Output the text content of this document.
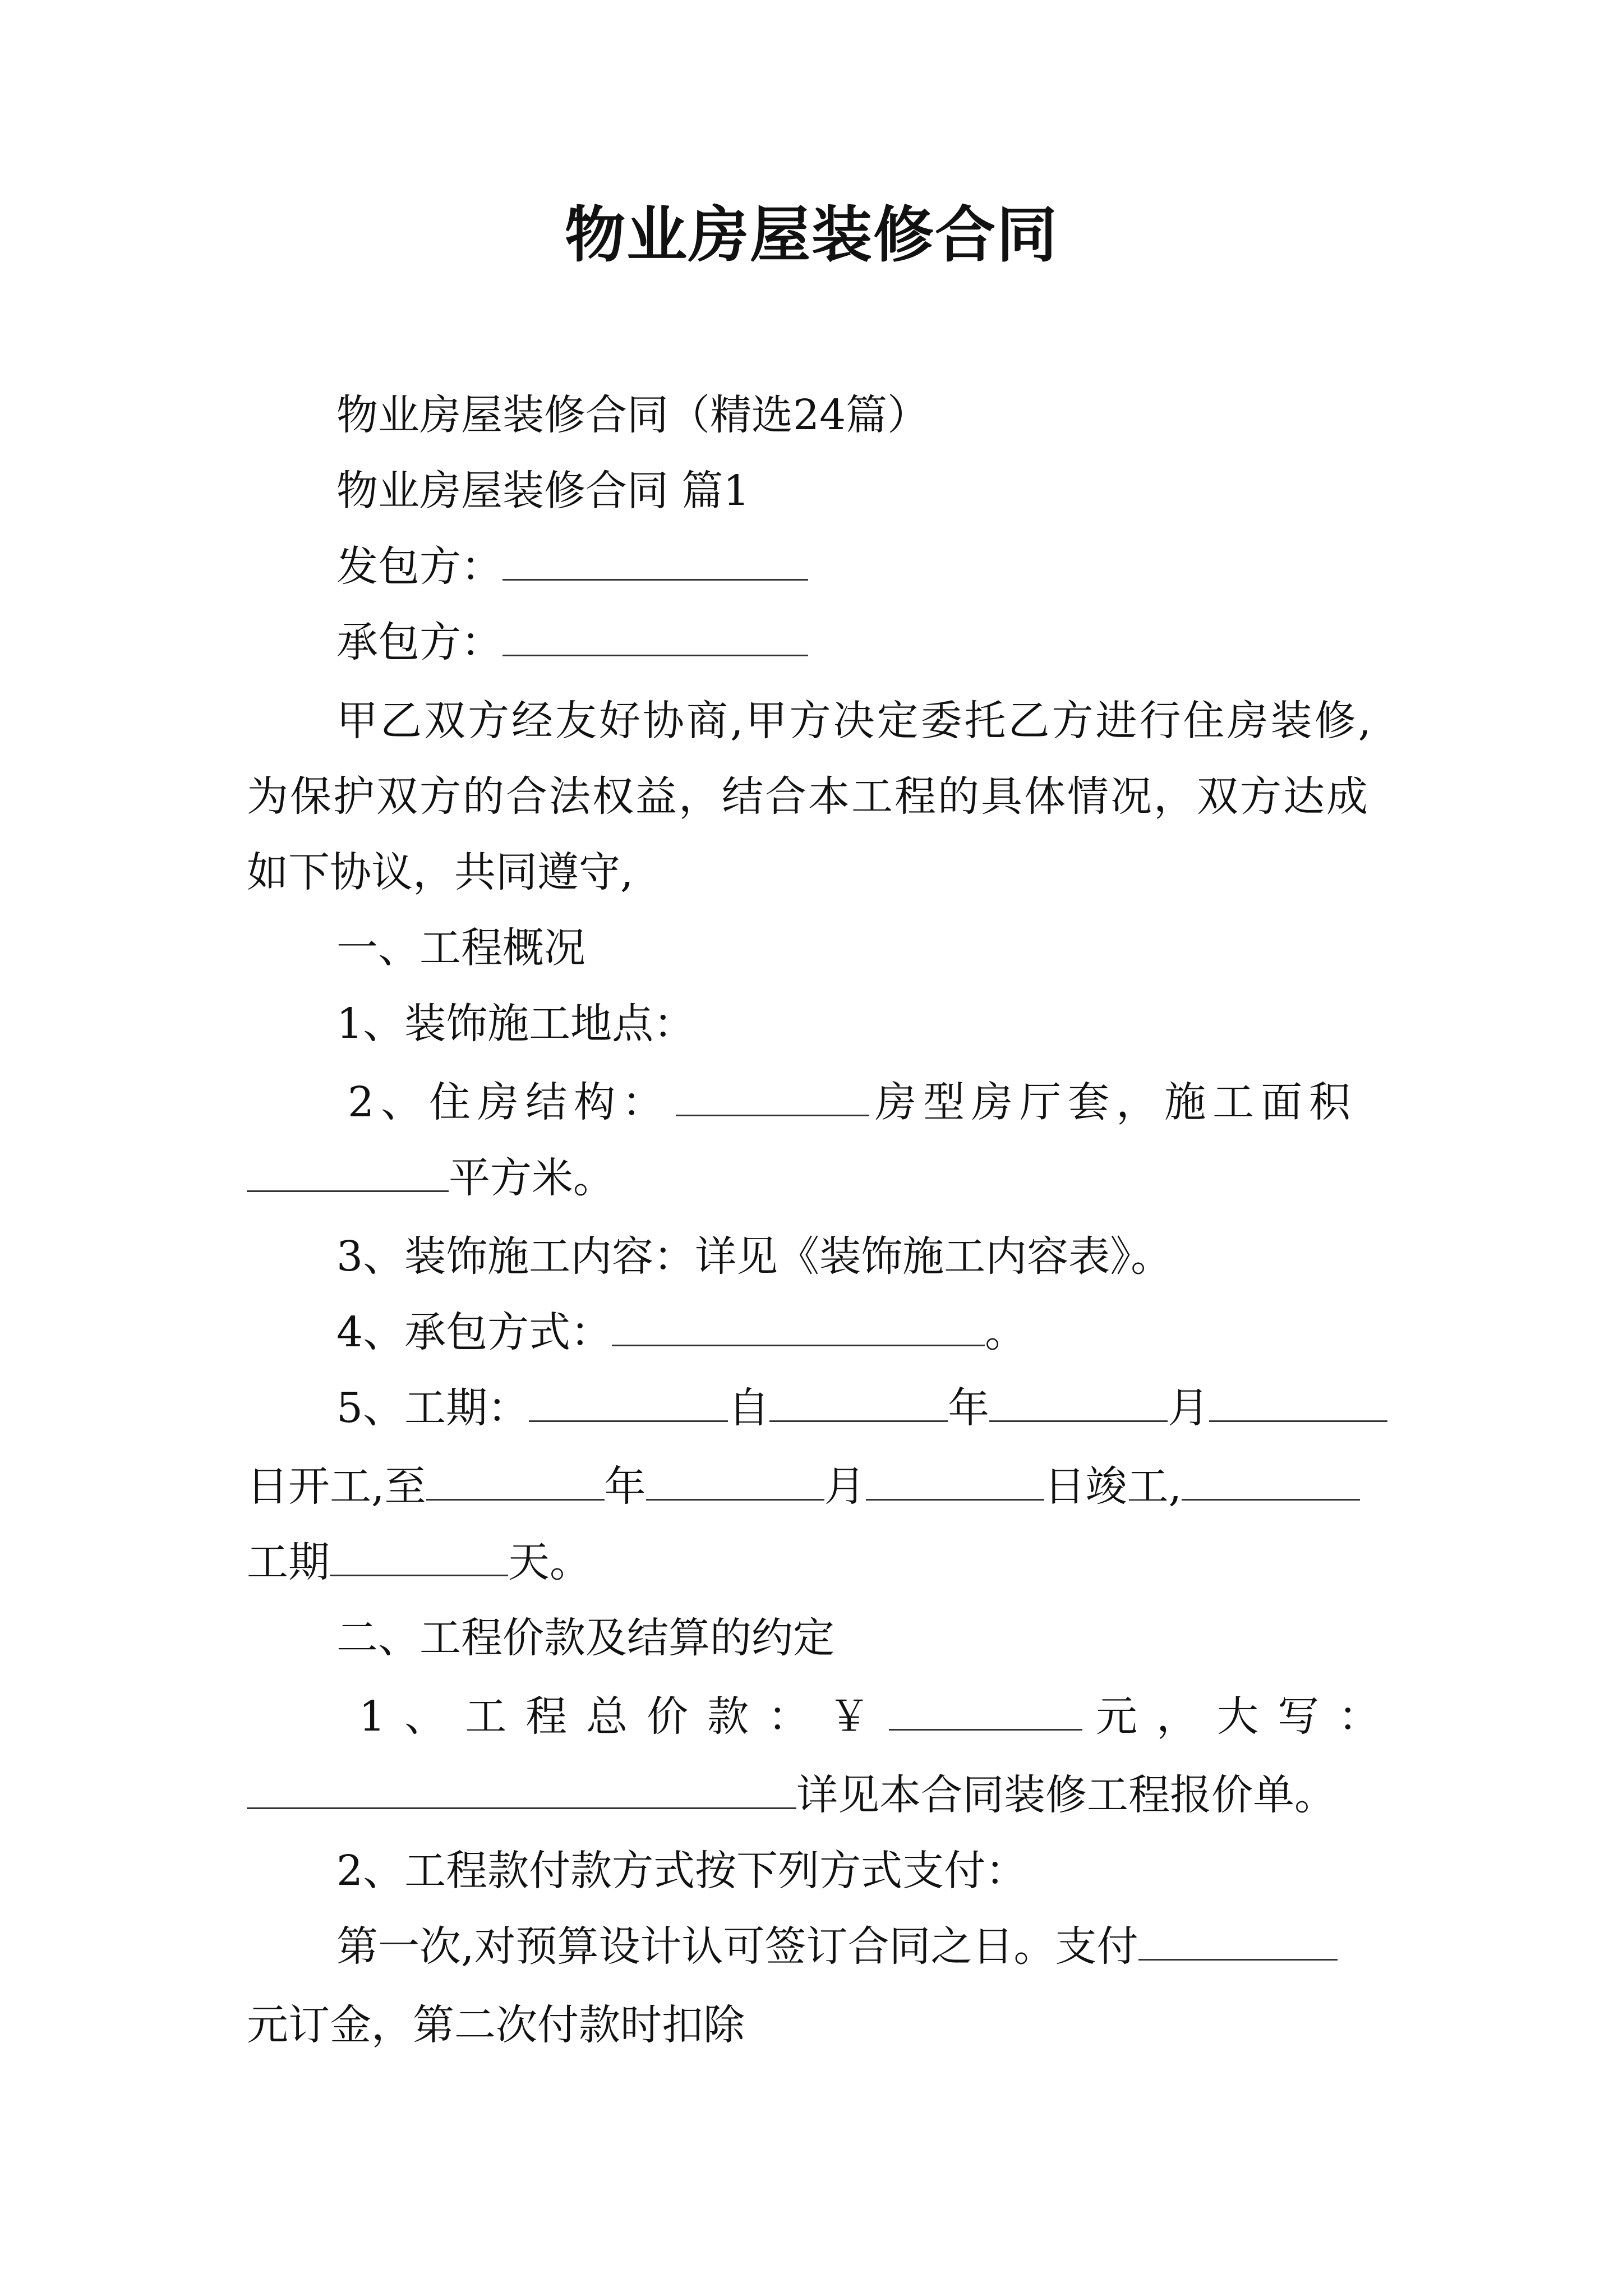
物业房屋装修合同
物业房屋装修合同（精选24篇）
物业房屋装修合同 篇1
发包方：
承包方：
甲乙双方经友好协商,甲方决定委托乙方进行住房装修,
为保护双方的合法权益，结合本工程的具体情况，双方达成
如下协议，共同遵守,
一、工程概况
1、装饰施工地点：
2、住房结构：	房型房厅套，施工面积
平方米。
3、装饰施工内容：详见《装饰施工内容表》。
4、承包方式：	。
5、工期：	自	年	月
日开工,至	年	月	日竣工,
工期	天。
二、工程价款及结算的约定
1、工程总价款：￥	元，大写：
详见本合同装修工程报价单。
2、工程款付款方式按下列方式支付：
第一次,对预算设计认可签订合同之日。支付
元订金，第二次付款时扣除
